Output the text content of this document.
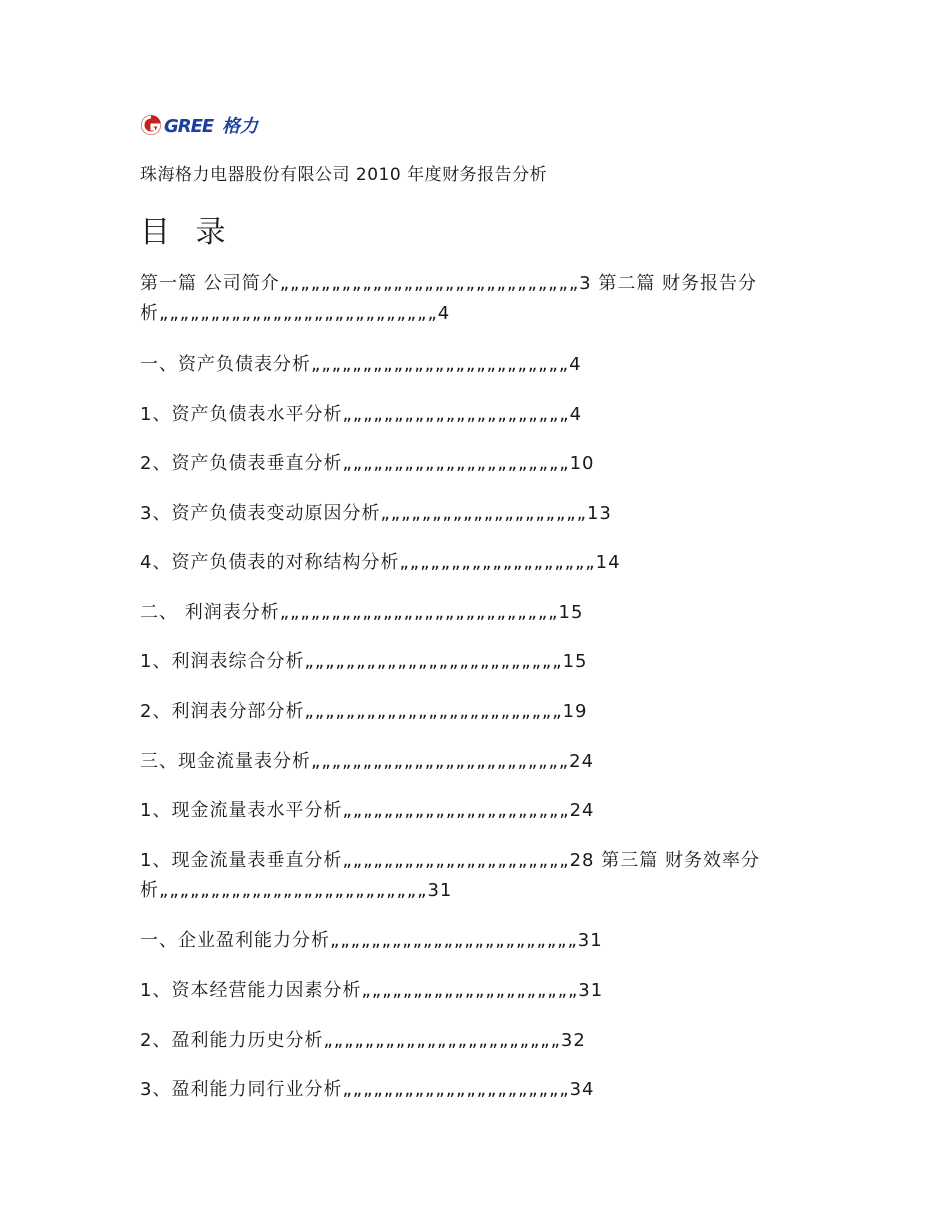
GREE 格力
珠海格力电器股份有限公司 2010 年度财务报告分析
目 录
第一篇 公司简介„„„„„„„„„„„„„„„„„„„„„„„„„„„„„3 第二篇 财务报告分
析„„„„„„„„„„„„„„„„„„„„„„„„„„„4
一、资产负债表分析„„„„„„„„„„„„„„„„„„„„„„„„„4
1、资产负债表水平分析„„„„„„„„„„„„„„„„„„„„„„4
2、资产负债表垂直分析„„„„„„„„„„„„„„„„„„„„„„10
3、资产负债表变动原因分析„„„„„„„„„„„„„„„„„„„„13
4、资产负债表的对称结构分析„„„„„„„„„„„„„„„„„„„14
二、 利润表分析„„„„„„„„„„„„„„„„„„„„„„„„„„„15
1、利润表综合分析„„„„„„„„„„„„„„„„„„„„„„„„„15
2、利润表分部分析„„„„„„„„„„„„„„„„„„„„„„„„„19
三、现金流量表分析„„„„„„„„„„„„„„„„„„„„„„„„„24
1、现金流量表水平分析„„„„„„„„„„„„„„„„„„„„„„24
1、现金流量表垂直分析„„„„„„„„„„„„„„„„„„„„„„28 第三篇 财务效率分
析„„„„„„„„„„„„„„„„„„„„„„„„„„31
一、企业盈利能力分析„„„„„„„„„„„„„„„„„„„„„„„„31
1、资本经营能力因素分析„„„„„„„„„„„„„„„„„„„„„31
2、盈利能力历史分析„„„„„„„„„„„„„„„„„„„„„„„32
3、盈利能力同行业分析„„„„„„„„„„„„„„„„„„„„„„34
